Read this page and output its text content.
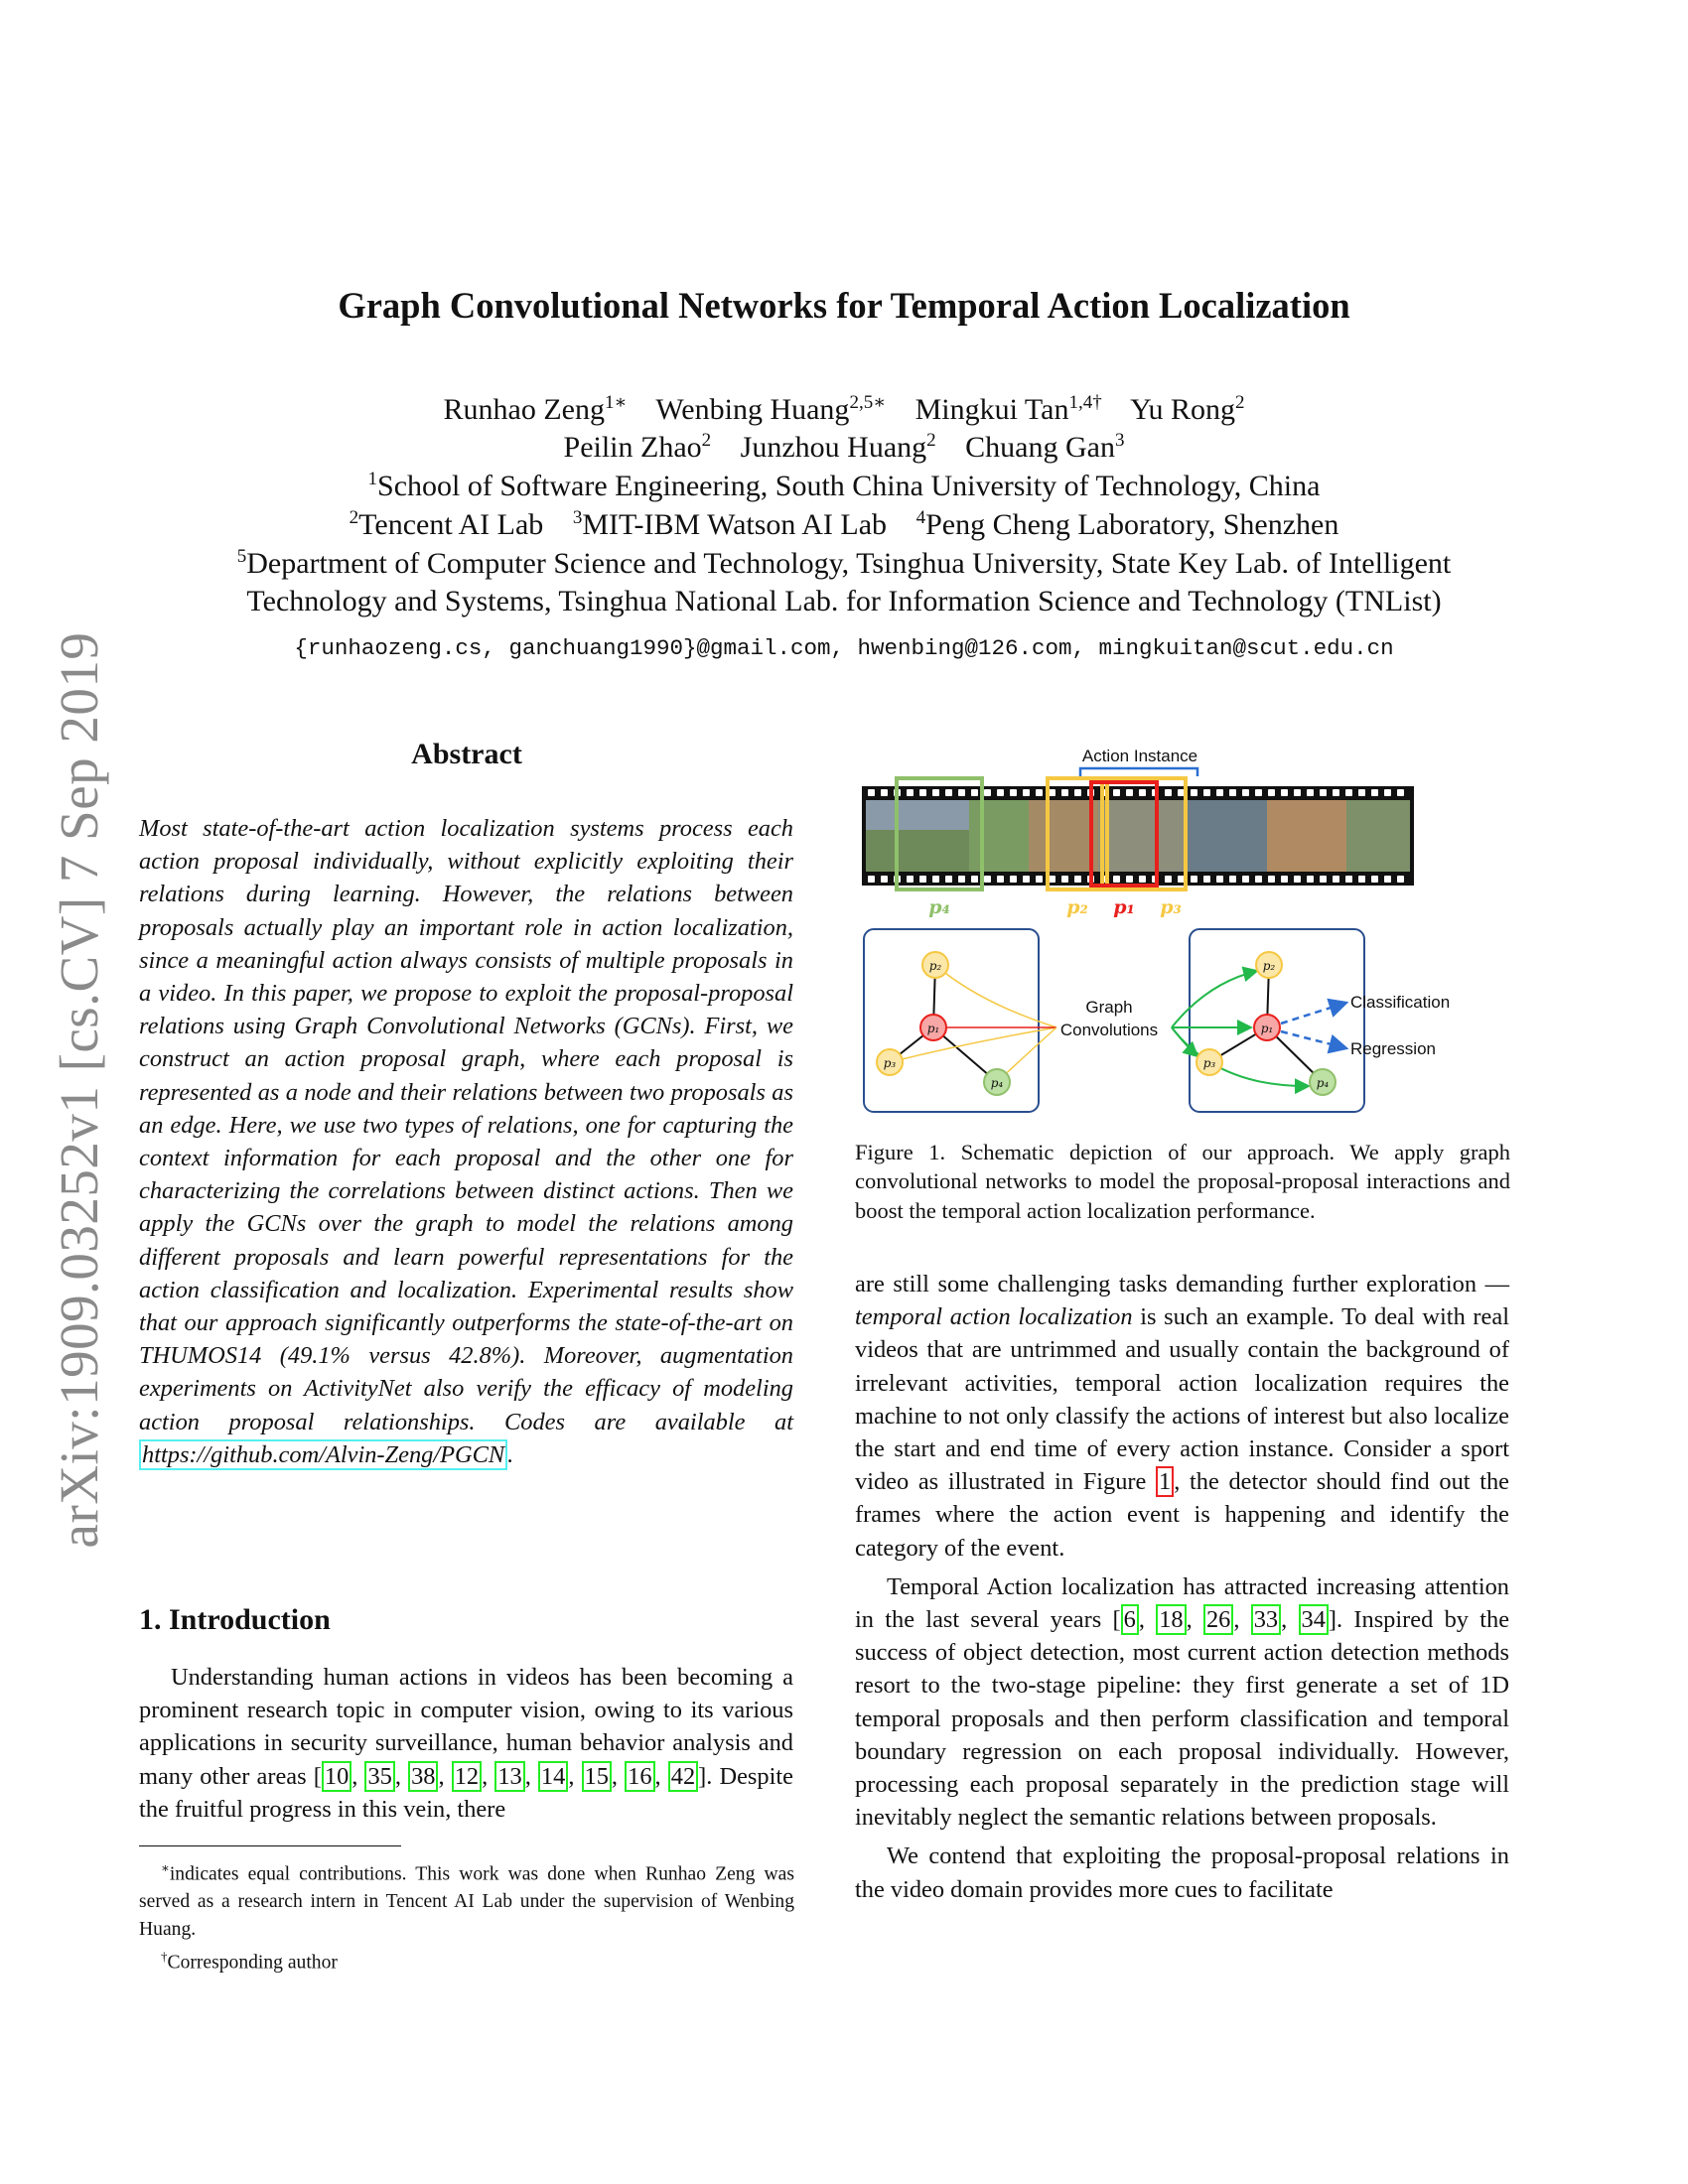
arXiv:1909.03252v1 [cs.CV] 7 Sep 2019
Graph Convolutional Networks for Temporal Action Localization
Runhao Zeng$^{1∗}$ Wenbing Huang$^{2,5∗}$ Mingkui Tan$^{1,4\dagger}$ Yu Rong$^2$
Peilin Zhao$^2$ Junzhou Huang$^2$ Chuang Gan$^3$
$^1$School of Software Engineering, South China University of Technology, China
$^2$Tencent AI Lab $^3$MIT-IBM Watson AI Lab $^4$Peng Cheng Laboratory, Shenzhen
$^5$Department of Computer Science and Technology, Tsinghua University, State Key Lab. of Intelligent
Technology and Systems, Tsinghua National Lab. for Information Science and Technology (TNList)
{runhaozeng.cs, ganchuang1990}@gmail.com, hwenbing@126.com, mingkuitan@scut.edu.cn
Abstract
Most state-of-the-art action localization systems process each action proposal individually, without explicitly exploiting their relations during learning. However, the relations between proposals actually play an important role in action localization, since a meaningful action always consists of multiple proposals in a video. In this paper, we propose to exploit the proposal-proposal relations using Graph Convolutional Networks (GCNs). First, we construct an action proposal graph, where each proposal is represented as a node and their relations between two proposals as an edge. Here, we use two types of relations, one for capturing the context information for each proposal and the other one for characterizing the correlations between distinct actions. Then we apply the GCNs over the graph to model the relations among different proposals and learn powerful representations for the action classification and localization. Experimental results show that our approach significantly outperforms the state-of-the-art on THUMOS14 (49.1% versus 42.8%). Moreover, augmentation experiments on ActivityNet also verify the efficacy of modeling action proposal relationships. Codes are available at https://github.com/Alvin-Zeng/PGCN .
1. Introduction
Understanding human actions in videos has been becoming a prominent research topic in computer vision, owing to its various applications in security surveillance, human behavior analysis and many other areas [ 10 , 35 , 38 , 12 , 13 , 14 , 15 , 16 , 42 ]. Despite the fruitful progress in this vein, there

∗indicates equal contributions. This work was done when Runhao Zeng was served as a research intern in Tencent AI Lab under the supervision of Wenbing Huang.

†Corresponding author

Action Instance
p₄	p₂ p₁ p₃
p₂
p₁
p₃
p₄
Graph
Convolutions
p₂
p₁
p₃
p₄
Classification
Regression
Figure 1. Schematic depiction of our approach. We apply graph convolutional networks to model the proposal-proposal interactions and boost the temporal action localization performance.

are still some challenging tasks demanding further exploration — temporal action localization is such an example. To deal with real videos that are untrimmed and usually contain the background of irrelevant activities, temporal action localization requires the machine to not only classify the actions of interest but also localize the start and end time of every action instance. Consider a sport video as illustrated in Figure 1 , the detector should find out the frames where the action event is happening and identify the category of the event.

Temporal Action localization has attracted increasing attention in the last several years [ 6 , 18 , 26 , 33 , 34 ]. Inspired by the success of object detection, most current action detection methods resort to the two-stage pipeline: they first generate a set of 1D temporal proposals and then perform classification and temporal boundary regression on each proposal individually. However, processing each proposal separately in the prediction stage will inevitably neglect the semantic relations between proposals.

We contend that exploiting the proposal-proposal relations in the video domain provides more cues to facilitate
